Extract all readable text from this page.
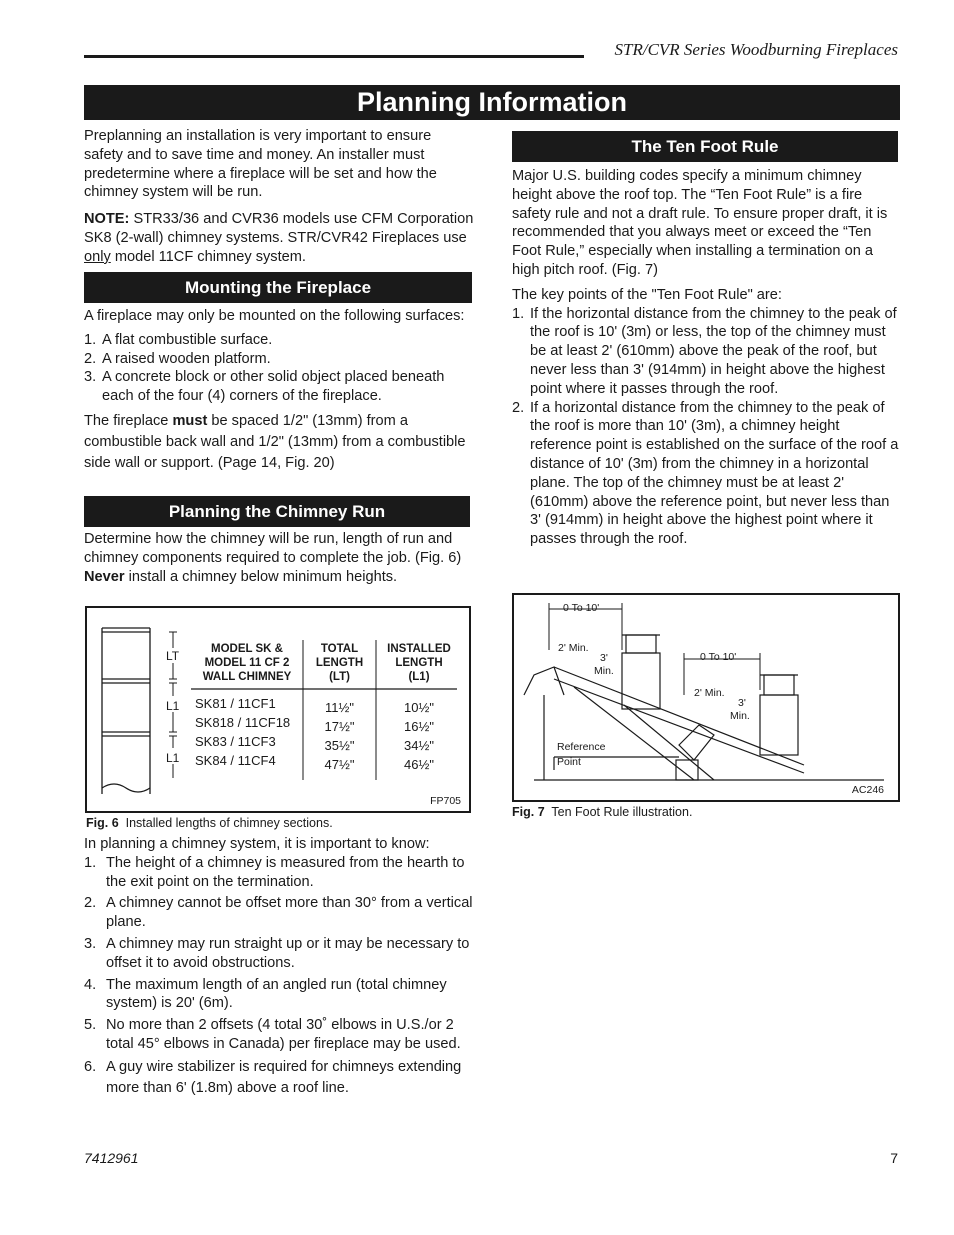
STR/CVR Series Woodburning Fireplaces
Planning Information

Preplanning an installation is very important to ensure safety and to save time and money. An installer must predetermine where a fireplace will be set and how the chimney system will be run.

NOTE: STR33/36 and CVR36 models use CFM Corporation SK8 (2-wall) chimney systems. STR/CVR42 Fireplaces use only model 11CF chimney system.

Mounting the Fireplace

A fireplace may only be mounted on the following surfaces:

1. A flat combustible surface.
2. A raised wooden platform.
3. A concrete block or other solid object placed beneath each of the four (4) corners of the fireplace.

The fireplace must be spaced 1/2" (13mm) from a combustible back wall and 1/2" (13mm) from a combustible side wall or support. (Page 14, Fig. 20)

Planning the Chimney Run

Determine how the chimney will be run, length of run and chimney components required to complete the job. (Fig. 6) Never install a chimney below minimum heights.

LT
L1
L1
MODEL SK & MODEL 11 CF 2 WALL CHIMNEY
TOTAL LENGTH
(LT)
INSTALLED LENGTH
(L1)
SK81 / 11CF1
SK818 / 11CF18
SK83 / 11CF3
SK84 / 11CF4
11½"
17½"
35½"
47½"
10½"
16½"
34½"
46½"
FP705
Fig. 6 Installed lengths of chimney sections.

In planning a chimney system, it is important to know:

1. The height of a chimney is measured from the hearth to the exit point on the termination.
2. A chimney cannot be offset more than 30° from a vertical plane.
3. A chimney may run straight up or it may be necessary to offset it to avoid obstructions.
4. The maximum length of an angled run (total chimney system) is 20' (6m).
5. No more than 2 offsets (4 total 30˚ elbows in U.S./or 2 total 45° elbows in Canada) per fireplace may be used.
6. A guy wire stabilizer is required for chimneys extending more than 6' (1.8m) above a roof line.
The Ten Foot Rule

Major U.S. building codes specify a minimum chimney height above the roof top. The “Ten Foot Rule” is a fire safety rule and not a draft rule. To ensure proper draft, it is recommended that you always meet or exceed the “Ten Foot Rule,” especially when installing a termination on a high pitch roof. (Fig. 7)

The key points of the "Ten Foot Rule" are:

1. If the horizontal distance from the chimney to the peak of the roof is 10' (3m) or less, the top of the chimney must be at least 2' (610mm) above the peak of the roof, but never less than 3' (914mm) in height above the highest point where it passes through the roof.
2. If a horizontal distance from the chimney to the peak of the roof is more than 10' (3m), a chimney height reference point is established on the surface of the roof a distance of 10' (3m) from the chimney in a horizontal plane. The top of the chimney must be at least 2' (610mm) above the reference point, but never less than 3' (914mm) in height above the highest point where it passes through the roof.
0 To 10'
2' Min.
3'
Min.
0 To 10'
2' Min.
3'
Min.
Reference
Point
AC246
Fig. 7 Ten Foot Rule illustration.
7412961	7
